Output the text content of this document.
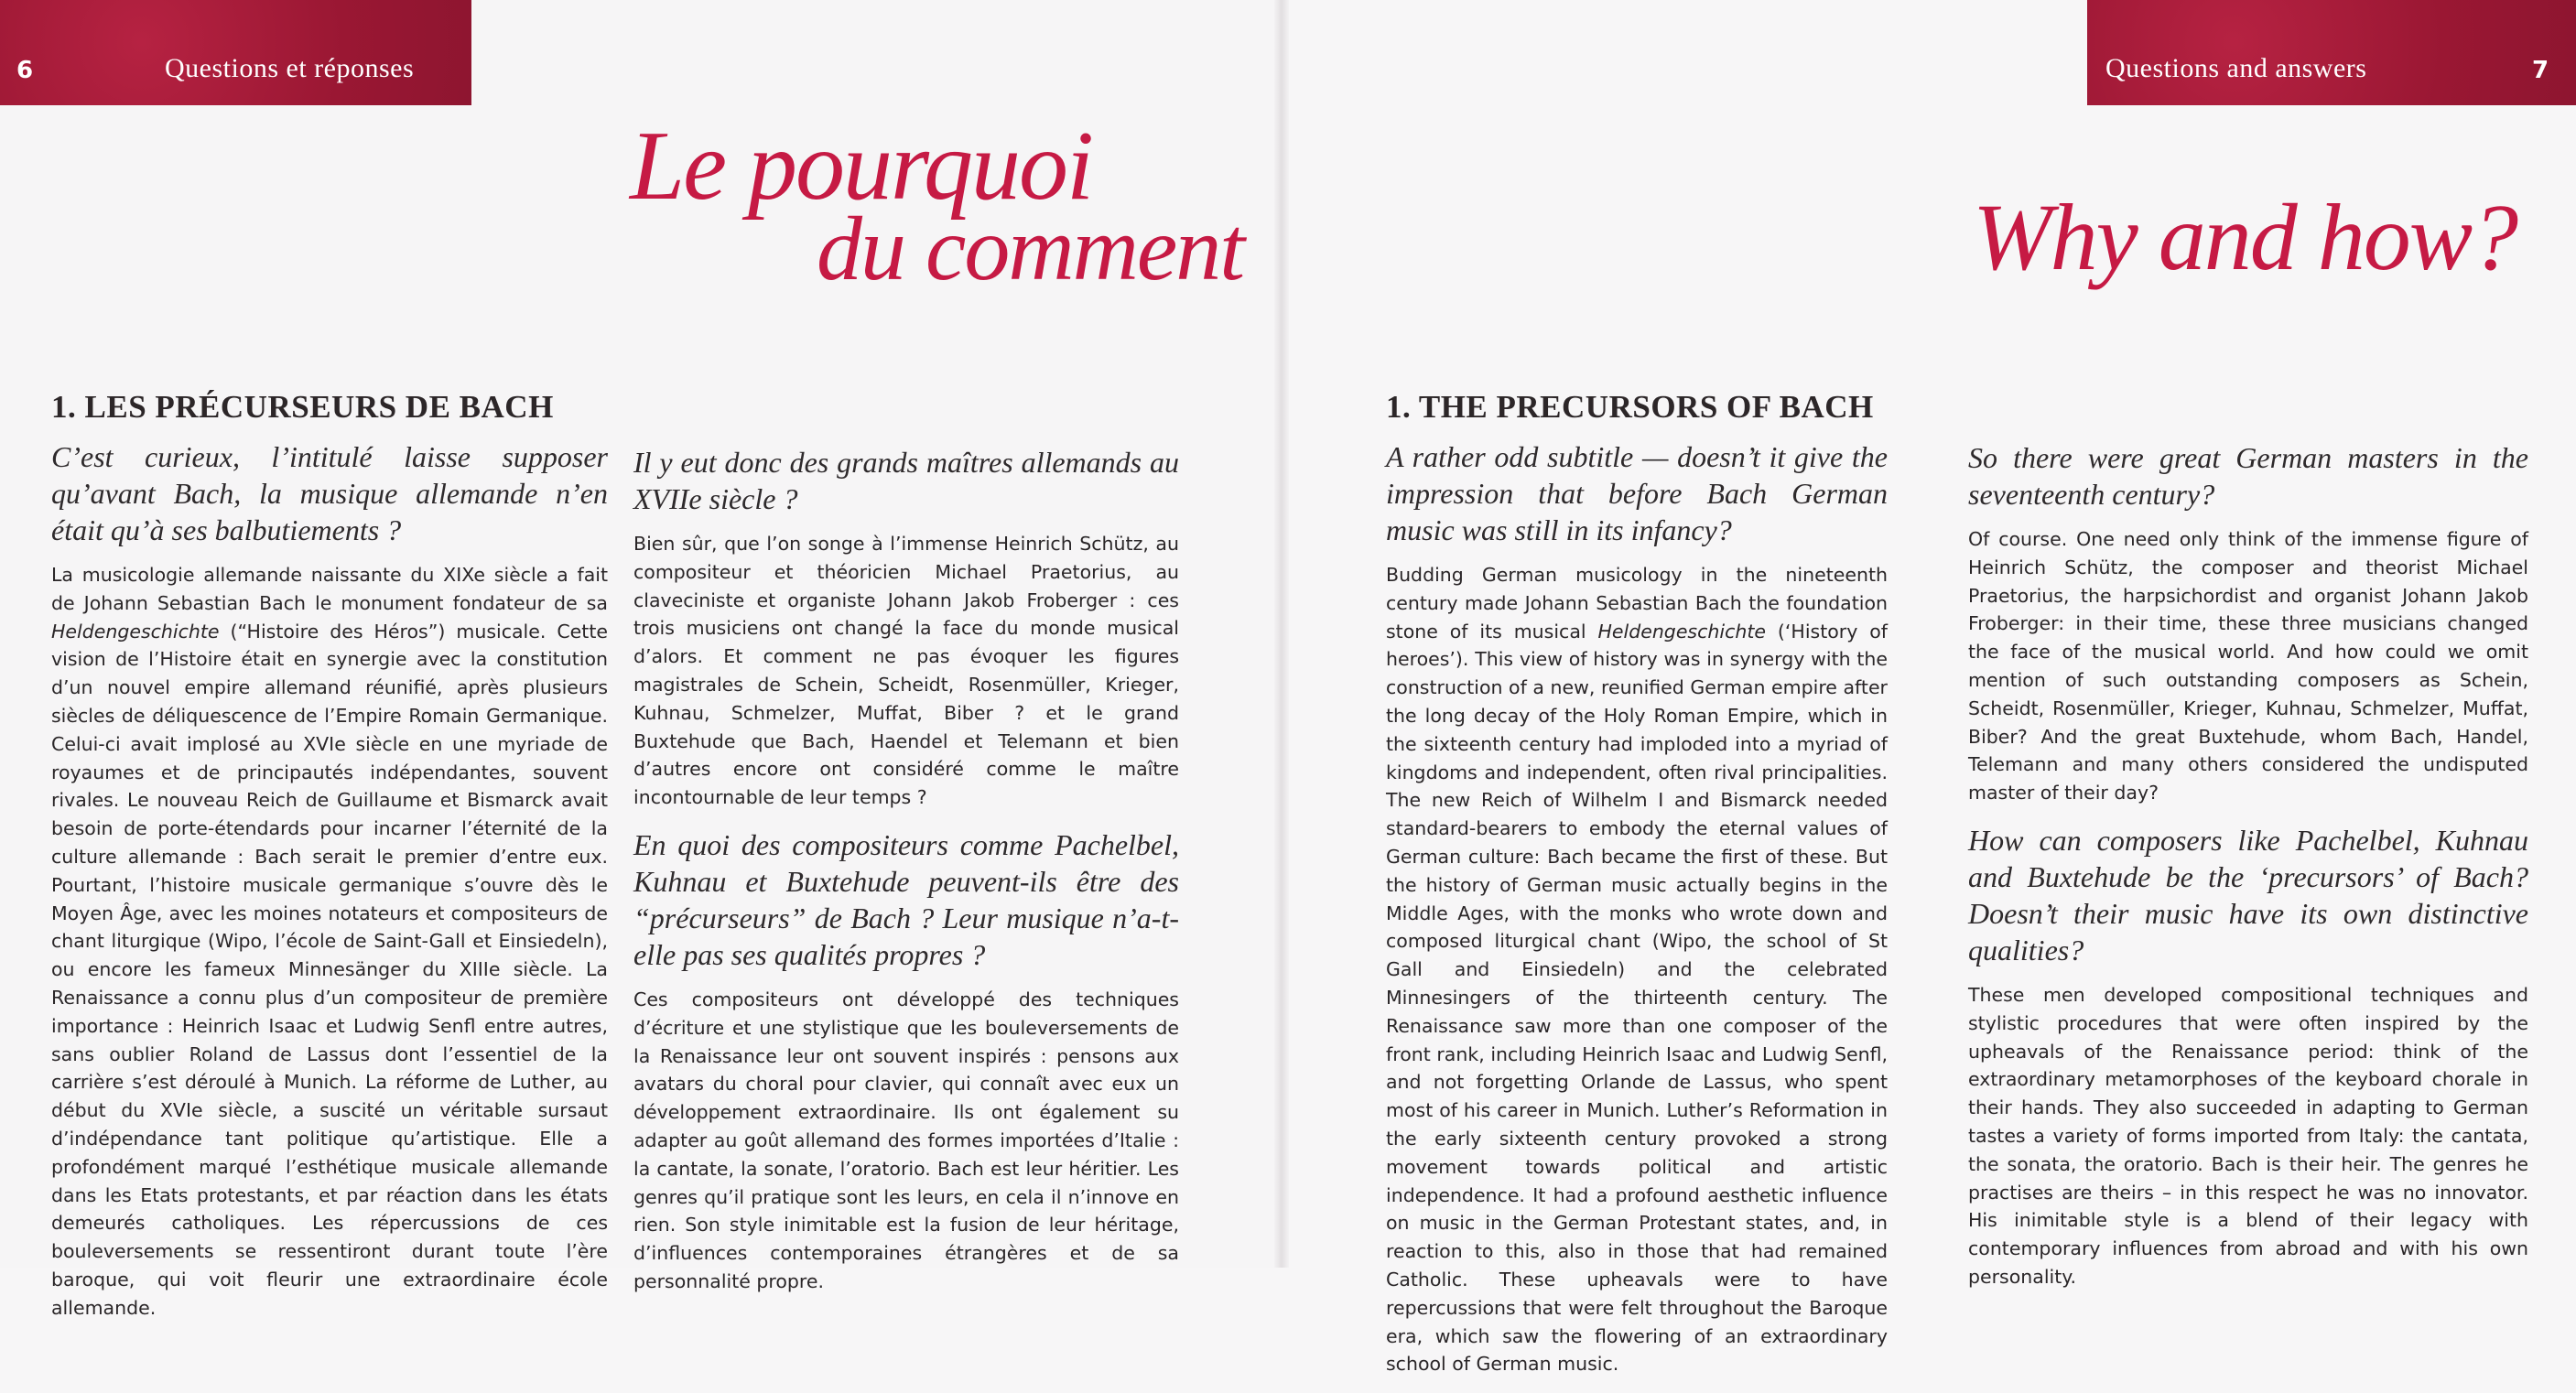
6	Questions et réponses
Le pourquoi
du comment
1. LES PRÉCURSEURS DE BACH

C’est curieux, l’intitulé laisse supposer qu’avant Bach, la musique allemande n’en était qu’à ses balbutiements ?

La musicologie allemande naissante du XIXe siècle a fait de Johann Sebastian Bach le monument fondateur de sa Heldengeschichte (“Histoire des Héros”) musicale. Cette vision de l’Histoire était en synergie avec la constitution d’un nouvel empire allemand réunifié, après plusieurs siècles de déliquescence de l’Empire Romain Germanique. Celui-ci avait implosé au XVIe siècle en une myriade de royaumes et de principautés indépendantes, souvent rivales. Le nouveau Reich de Guillaume et Bismarck avait besoin de porte-étendards pour incarner l’éternité de la culture allemande : Bach serait le premier d’entre eux. Pourtant, l’histoire musicale germanique s’ouvre dès le Moyen Âge, avec les moines notateurs et compositeurs de chant liturgique (Wipo, l’école de Saint-Gall et Einsiedeln), ou encore les fameux Minnesänger du XIIIe siècle. La Renaissance a connu plus d’un compositeur de première importance : Heinrich Isaac et Ludwig Senfl entre autres, sans oublier Roland de Lassus dont l’essentiel de la carrière s’est déroulé à Munich. La réforme de Luther, au début du XVIe siècle, a suscité un véritable sursaut d’indépendance tant politique qu’artistique. Elle a profondément marqué l’esthétique musicale allemande dans les Etats protestants, et par réaction dans les états demeurés catholiques. Les répercussions de ces bouleversements se ressentiront durant toute l’ère baroque, qui voit fleurir une extraordinaire école allemande.

Il y eut donc des grands maîtres allemands au XVIIe siècle ?

Bien sûr, que l’on songe à l’immense Heinrich Schütz, au compositeur et théoricien Michael Praetorius, au claveciniste et organiste Johann Jakob Froberger : ces trois musiciens ont changé la face du monde musical d’alors. Et comment ne pas évoquer les figures magistrales de Schein, Scheidt, Rosenmüller, Krieger, Kuhnau, Schmelzer, Muffat, Biber ? et le grand Buxtehude que Bach, Haendel et Telemann et bien d’autres encore ont considéré comme le maître incontournable de leur temps ?

En quoi des compositeurs comme Pachelbel, Kuhnau et Buxtehude peuvent-ils être des “précurseurs” de Bach ? Leur musique n’a-t-elle pas ses qualités propres ?

Ces compositeurs ont développé des techniques d’écriture et une stylistique que les bouleversements de la Renaissance leur ont souvent inspirés : pensons aux avatars du choral pour clavier, qui connaît avec eux un développement extraordinaire. Ils ont également su adapter au goût allemand des formes importées d’Italie : la cantate, la sonate, l’oratorio. Bach est leur héritier. Les genres qu’il pratique sont les leurs, en cela il n’innove en rien. Son style inimitable est la fusion de leur héritage, d’influences contemporaines étrangères et de sa personnalité propre.

Questions and answers	7
Why and how?
1. THE PRECURSORS OF BACH

A rather odd subtitle — doesn’t it give the impression that before Bach German music was still in its infancy?

Budding German musicology in the nineteenth century made Johann Sebastian Bach the foundation stone of its musical Heldengeschichte (‘History of heroes’). This view of history was in synergy with the construction of a new, reunified German empire after the long decay of the Holy Roman Empire, which in the sixteenth century had imploded into a myriad of kingdoms and independent, often rival principalities. The new Reich of Wilhelm I and Bismarck needed standard-bearers to embody the eternal values of German culture: Bach became the first of these. But the history of German music actually begins in the Middle Ages, with the monks who wrote down and composed liturgical chant (Wipo, the school of St Gall and Einsiedeln) and the celebrated Minnesingers of the thirteenth century. The Renaissance saw more than one composer of the front rank, including Heinrich Isaac and Ludwig Senfl, and not forgetting Orlande de Lassus, who spent most of his career in Munich. Luther’s Reformation in the early sixteenth century provoked a strong movement towards political and artistic independence. It had a profound aesthetic influence on music in the German Protestant states, and, in reaction to this, also in those that had remained Catholic. These upheavals were to have repercussions that were felt throughout the Baroque era, which saw the flowering of an extraordinary school of German music.

So there were great German masters in the seventeenth century?

Of course. One need only think of the immense figure of Heinrich Schütz, the composer and theorist Michael Praetorius, the harpsichordist and organist Johann Jakob Froberger: in their time, these three musicians changed the face of the musical world. And how could we omit mention of such outstanding composers as Schein, Scheidt, Rosenmüller, Krieger, Kuhnau, Schmelzer, Muffat, Biber? And the great Buxtehude, whom Bach, Handel, Telemann and many others considered the undisputed master of their day?

How can composers like Pachelbel, Kuhnau and Buxtehude be the ‘precursors’ of Bach? Doesn’t their music have its own distinctive qualities?

These men developed compositional techniques and stylistic procedures that were often inspired by the upheavals of the Renaissance period: think of the extraordinary metamorphoses of the keyboard chorale in their hands. They also succeeded in adapting to German tastes a variety of forms imported from Italy: the cantata, the sonata, the oratorio. Bach is their heir. The genres he practises are theirs – in this respect he was no innovator. His inimitable style is a blend of their legacy with contemporary influences from abroad and with his own personality.
